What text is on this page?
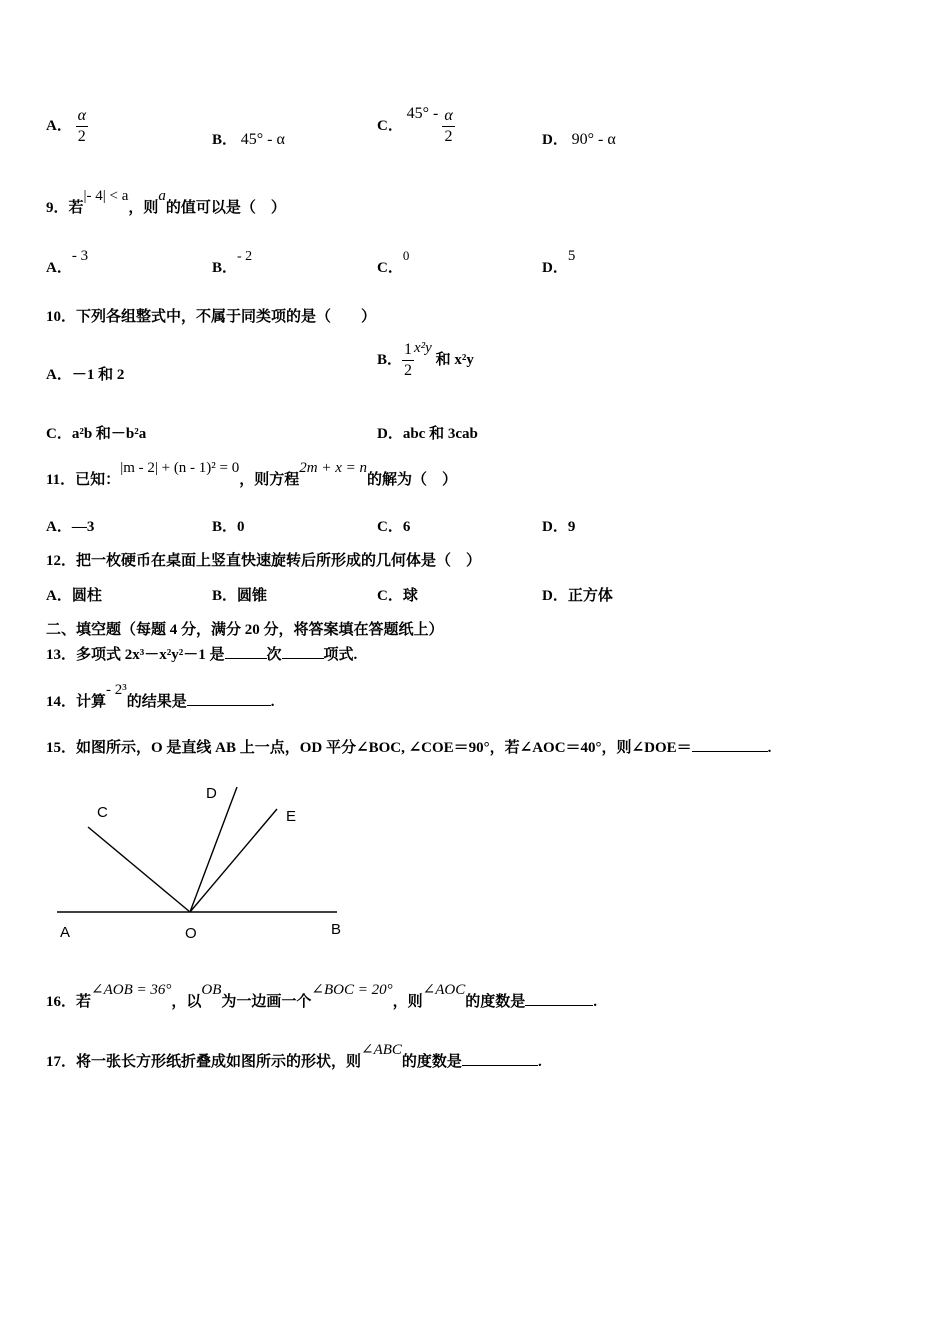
A． $\frac{\alpha}{2}$	B． 45° - α
C． $45^\circ - \frac{\alpha}{2}$	D． 90° - α
9．若|- 4| < a，则a的值可以是（　）
A．- 3
B．- 2
C．0
D．5
10．下列各组整式中，不属于同类项的是（　　）
A．－1 和 2
B． $\frac{1}{2} x^2y$ 和 x²y
C．a²b 和－b²a	D．abc 和 3cab
11．已知：|m - 2| + (n - 1)² = 0，则方程2m + x = n的解为（　）
A．—3	B．0	C．6	D．9
12．把一枚硬币在桌面上竖直快速旋转后所形成的几何体是（　）
A．圆柱	B．圆锥	C．球	D．正方体
二、填空题（每题 4 分，满分 20 分，将答案填在答题纸上）
13．多项式 2x³－x²y²－1 是	次	项式.
14．计算- 2³的结果是	.
15．如图所示，O 是直线 AB 上一点，OD 平分∠BOC, ∠COE＝90°，若∠AOC＝40°，则∠DOE＝	.
A	O	B
C
D
E
16．若∠AOB = 36°，以OB为一边画一个∠BOC = 20°，则∠AOC的度数是	.
17．将一张长方形纸折叠成如图所示的形状，则∠ABC的度数是	.
